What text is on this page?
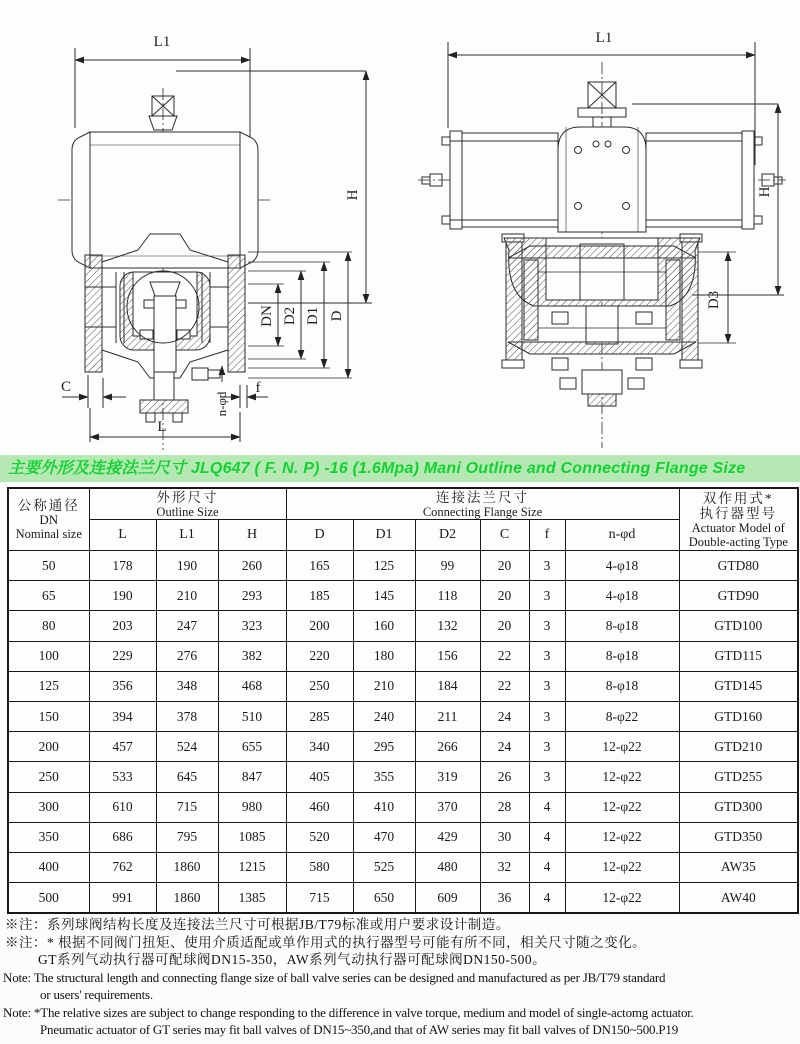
L1
H
DN D2 D1 D
C	f
n-φd
L
L1
H
D3
主要外形及连接法兰尺寸 JLQ647 ( F. N. P) -16 (1.6Mpa) Mani Outline and Connecting Flange Size
公称通径
DN
Nominal size	外形尺寸
Outline Size			连接法兰尺寸
Connecting Flange Size						双作用式*
执行器型号
Actuator Model of
Double-acting Type

	L	L1	H	D	D1	D2	C	f	n-φd	
50	178	190	260	165	125	99	20	3	4-φ18	GTD80
65	190	210	293	185	145	118	20	3	4-φ18	GTD90
80	203	247	323	200	160	132	20	3	8-φ18	GTD100
100	229	276	382	220	180	156	22	3	8-φ18	GTD115
125	356	348	468	250	210	184	22	3	8-φ18	GTD145
150	394	378	510	285	240	211	24	3	8-φ22	GTD160
200	457	524	655	340	295	266	24	3	12-φ22	GTD210
250	533	645	847	405	355	319	26	3	12-φ22	GTD255
300	610	715	980	460	410	370	28	4	12-φ22	GTD300
350	686	795	1085	520	470	429	30	4	12-φ22	GTD350
400	762	1860	1215	580	525	480	32	4	12-φ22	AW35
500	991	1860	1385	715	650	609	36	4	12-φ22	AW40
※注：系列球阀结构长度及连接法兰尺寸可根据JB/T79标准或用户要求设计制造。
※注：* 根据不同阀门扭矩、使用介质适配或单作用式的执行器型号可能有所不同，相关尺寸随之变化。
GT系列气动执行器可配球阀DN15-350，AW系列气动执行器可配球阀DN150-500。
Note: The structural length and connecting flange size of ball valve series can be designed and manufactured as per JB/T79 standard
or users' requirements.
Note: *The relative sizes are subject to change responding to the difference in valve torque, medium and model of single-actomg actuator.
Pneumatic actuator of GT series may fit ball valves of DN15~350,and that of AW series may fit ball valves of DN150~500.P19
